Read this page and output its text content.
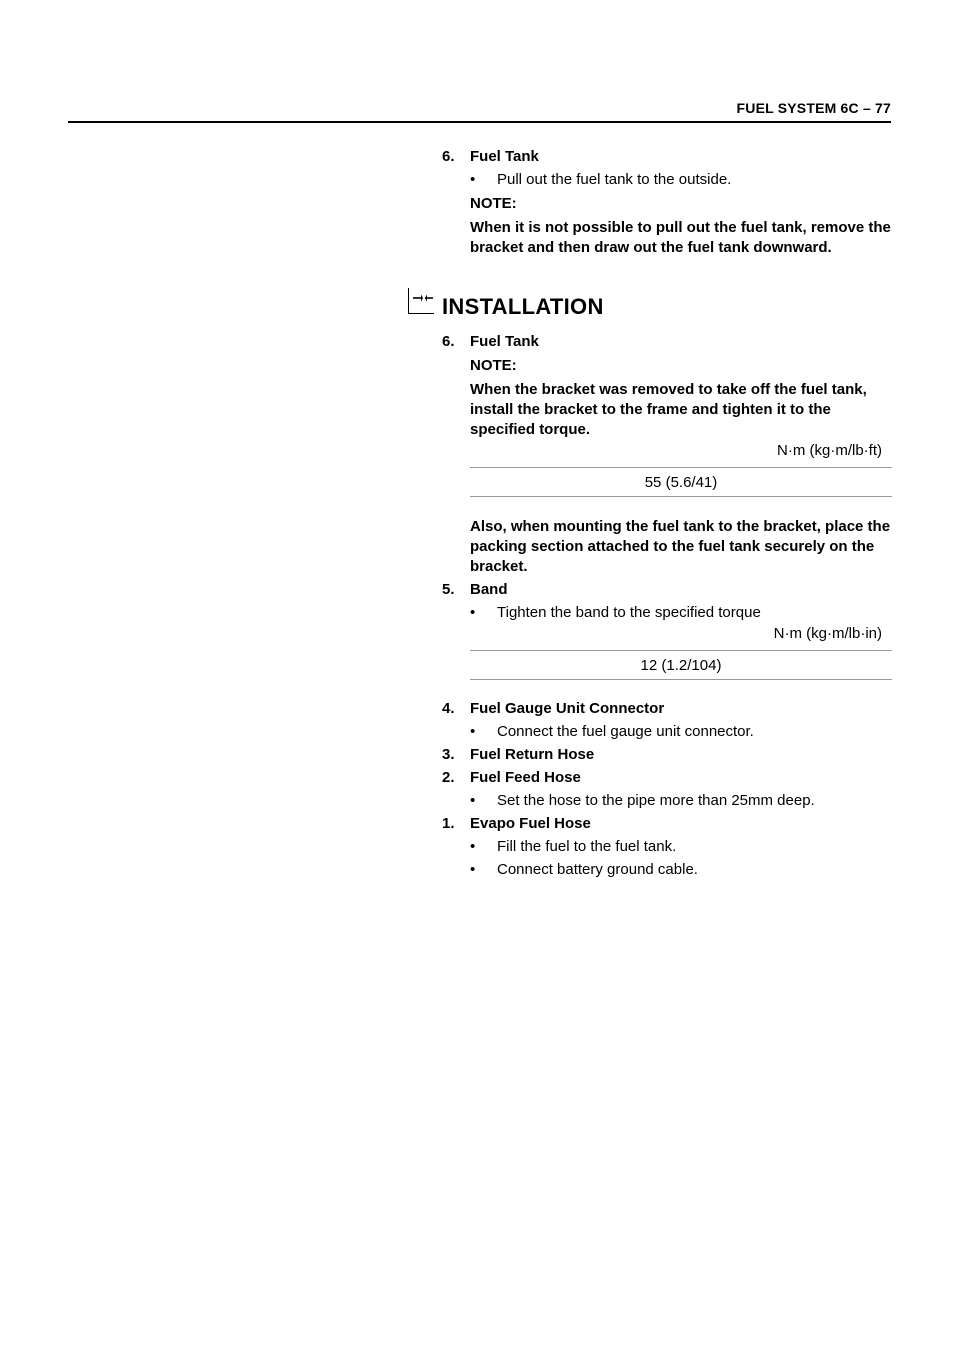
FUEL SYSTEM 6C – 77
6. Fuel Tank
• Pull out the fuel tank to the outside.
NOTE:
When it is not possible to pull out the fuel tank, remove the bracket and then draw out the fuel tank downward.
INSTALLATION
6. Fuel Tank
NOTE:
When the bracket was removed to take off the fuel tank, install the bracket to the frame and tighten it to the specified torque.
N·m (kg·m/lb·ft)
55 (5.6/41)
Also, when mounting the fuel tank to the bracket, place the packing section attached to the fuel tank securely on the bracket.
5. Band
• Tighten the band to the specified torque
N·m (kg·m/lb·in)
12 (1.2/104)
4. Fuel Gauge Unit Connector
• Connect the fuel gauge unit connector.
3. Fuel Return Hose
2. Fuel Feed Hose
• Set the hose to the pipe more than 25mm deep.
1. Evapo Fuel Hose
• Fill the fuel to the fuel tank.
• Connect battery ground cable.
